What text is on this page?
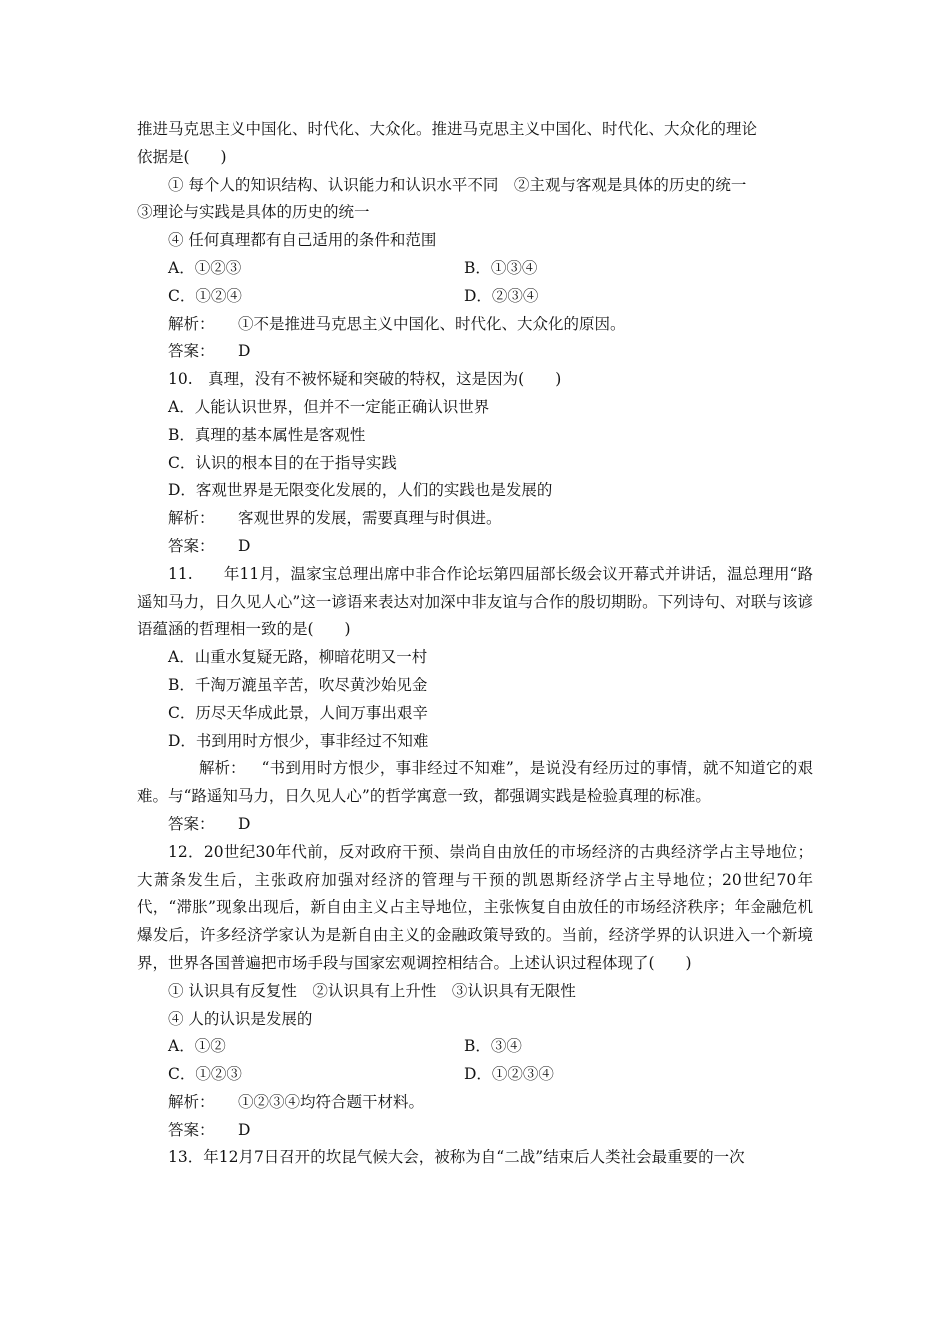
推进马克思主义中国化、时代化、大众化。推进马克思主义中国化、时代化、大众化的理论

依据是(　　)

① 每个人的知识结构、认识能力和认识水平不同　②主观与客观是具体的历史的统一

③理论与实践是具体的历史的统一

④ 任何真理都有自己适用的条件和范围

A．①②③	B．①③④
C．①②④	D．②③④

解析： ①不是推进马克思主义中国化、时代化、大众化的原因。

答案： D

10.　真理，没有不被怀疑和突破的特权，这是因为(　　)

A．人能认识世界，但并不一定能正确认识世界

B．真理的基本属性是客观性

C．认识的根本目的在于指导实践

D．客观世界是无限变化发展的，人们的实践也是发展的

解析： 客观世界的发展，需要真理与时俱进。

答案： D

11.　　年11月，温家宝总理出席中非合作论坛第四届部长级会议开幕式并讲话，温总理用“路遥知马力，日久见人心”这一谚语来表达对加深中非友谊与合作的殷切期盼。下列诗句、对联与该谚语蕴涵的哲理相一致的是(　　)

A．山重水复疑无路，柳暗花明又一村

B．千淘万漉虽辛苦，吹尽黄沙始见金

C．历尽天华成此景，人间万事出艰辛

D．书到用时方恨少，事非经过不知难

解析：　“书到用时方恨少，事非经过不知难”，是说没有经历过的事情，就不知道它的艰难。与“路遥知马力，日久见人心”的哲学寓意一致，都强调实践是检验真理的标准。

答案： D

12．20世纪30年代前，反对政府干预、崇尚自由放任的市场经济的古典经济学占主导地位；大萧条发生后，主张政府加强对经济的管理与干预的凯恩斯经济学占主导地位；20世纪70年代，“滞胀”现象出现后，新自由主义占主导地位，主张恢复自由放任的市场经济秩序；年金融危机爆发后，许多经济学家认为是新自由主义的金融政策导致的。当前，经济学界的认识进入一个新境界，世界各国普遍把市场手段与国家宏观调控相结合。上述认识过程体现了(　　)

① 认识具有反复性　②认识具有上升性　③认识具有无限性

④ 人的认识是发展的

A．①②	B．③④
C．①②③	D．①②③④

解析： ①②③④均符合题干材料。

答案： D

13．年12月7日召开的坎昆气候大会，被称为自“二战”结束后人类社会最重要的一次
